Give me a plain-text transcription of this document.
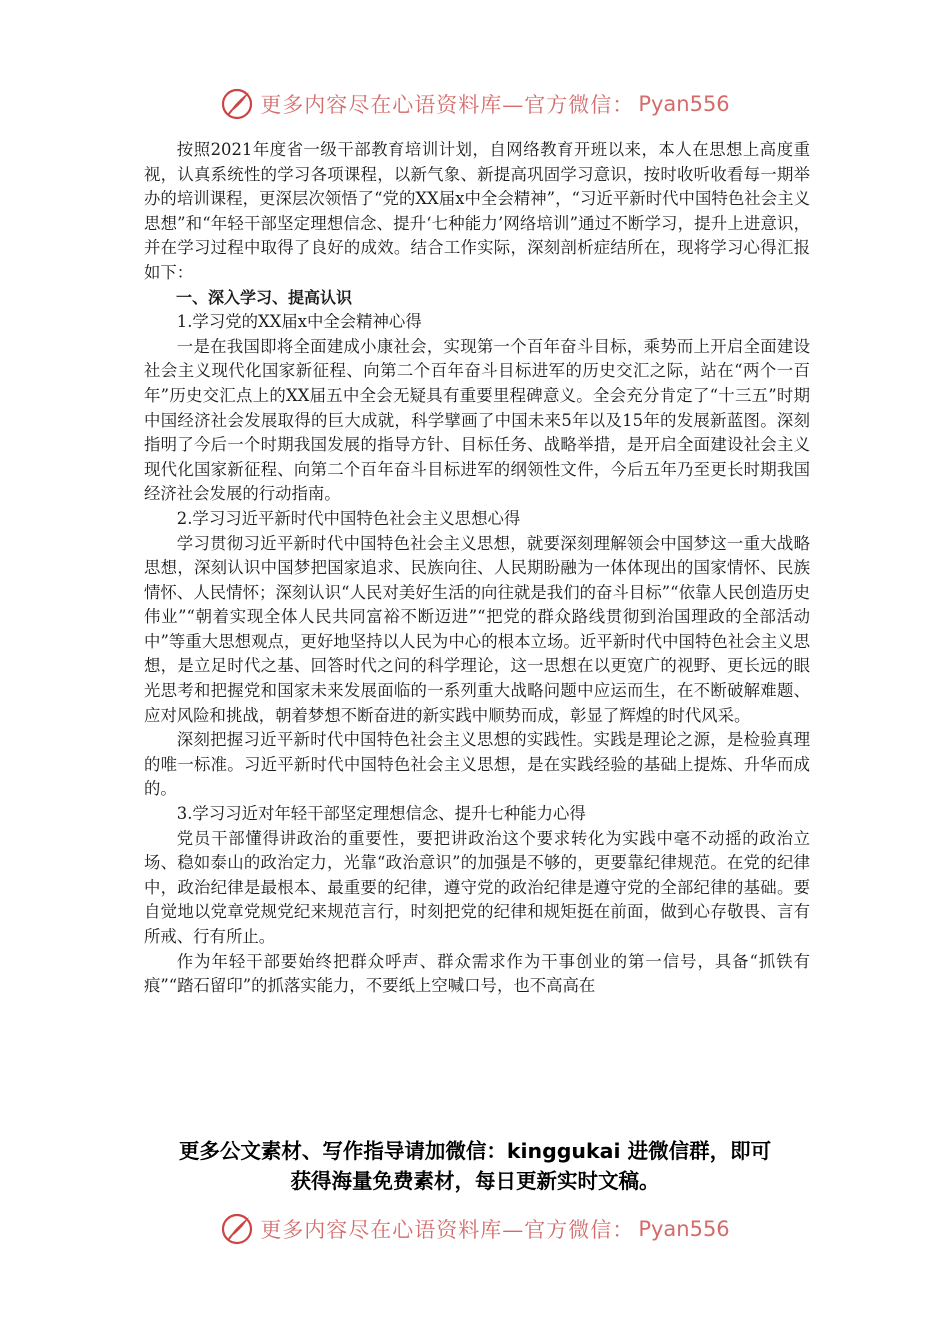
更多内容尽在心语资料库—官方微信： Pyan556

按照2021年度省一级干部教育培训计划，自网络教育开班以来，本人在思想上高度重视，认真系统性的学习各项课程，以新气象、新提高巩固学习意识，按时收听收看每一期举办的培训课程，更深层次领悟了“党的XX届x中全会精神”，“习近平新时代中国特色社会主义思想”和“年轻干部坚定理想信念、提升‘七种能力’网络培训”通过不断学习，提升上进意识，并在学习过程中取得了良好的成效。结合工作实际，深刻剖析症结所在，现将学习心得汇报如下：

一、深入学习、提高认识

1.学习党的XX届x中全会精神心得

一是在我国即将全面建成小康社会，实现第一个百年奋斗目标，乘势而上开启全面建设社会主义现代化国家新征程、向第二个百年奋斗目标进军的历史交汇之际，站在“两个一百年”历史交汇点上的XX届五中全会无疑具有重要里程碑意义。全会充分肯定了“十三五”时期中国经济社会发展取得的巨大成就，科学擘画了中国未来5年以及15年的发展新蓝图。深刻指明了今后一个时期我国发展的指导方针、目标任务、战略举措，是开启全面建设社会主义现代化国家新征程、向第二个百年奋斗目标进军的纲领性文件，今后五年乃至更长时期我国经济社会发展的行动指南。

2.学习习近平新时代中国特色社会主义思想心得

学习贯彻习近平新时代中国特色社会主义思想，就要深刻理解领会中国梦这一重大战略思想，深刻认识中国梦把国家追求、民族向往、人民期盼融为一体体现出的国家情怀、民族情怀、人民情怀；深刻认识“人民对美好生活的向往就是我们的奋斗目标”“依靠人民创造历史伟业”“朝着实现全体人民共同富裕不断迈进”“把党的群众路线贯彻到治国理政的全部活动中”等重大思想观点，更好地坚持以人民为中心的根本立场。近平新时代中国特色社会主义思想，是立足时代之基、回答时代之问的科学理论，这一思想在以更宽广的视野、更长远的眼光思考和把握党和国家未来发展面临的一系列重大战略问题中应运而生，在不断破解难题、应对风险和挑战，朝着梦想不断奋进的新实践中顺势而成，彰显了辉煌的时代风采。

深刻把握习近平新时代中国特色社会主义思想的实践性。实践是理论之源，是检验真理的唯一标准。习近平新时代中国特色社会主义思想，是在实践经验的基础上提炼、升华而成的。

3.学习习近对年轻干部坚定理想信念、提升七种能力心得

党员干部懂得讲政治的重要性，要把讲政治这个要求转化为实践中毫不动摇的政治立场、稳如泰山的政治定力，光靠“政治意识”的加强是不够的，更要靠纪律规范。在党的纪律中，政治纪律是最根本、最重要的纪律，遵守党的政治纪律是遵守党的全部纪律的基础。要自觉地以党章党规党纪来规范言行，时刻把党的纪律和规矩挺在前面，做到心存敬畏、言有所戒、行有所止。

作为年轻干部要始终把群众呼声、群众需求作为干事创业的第一信号，具备“抓铁有痕”“踏石留印”的抓落实能力，不要纸上空喊口号，也不高高在

更多公文素材、写作指导请加微信：kinggukai 进微信群，即可
获得海量免费素材，每日更新实时文稿。
更多内容尽在心语资料库—官方微信： Pyan556
